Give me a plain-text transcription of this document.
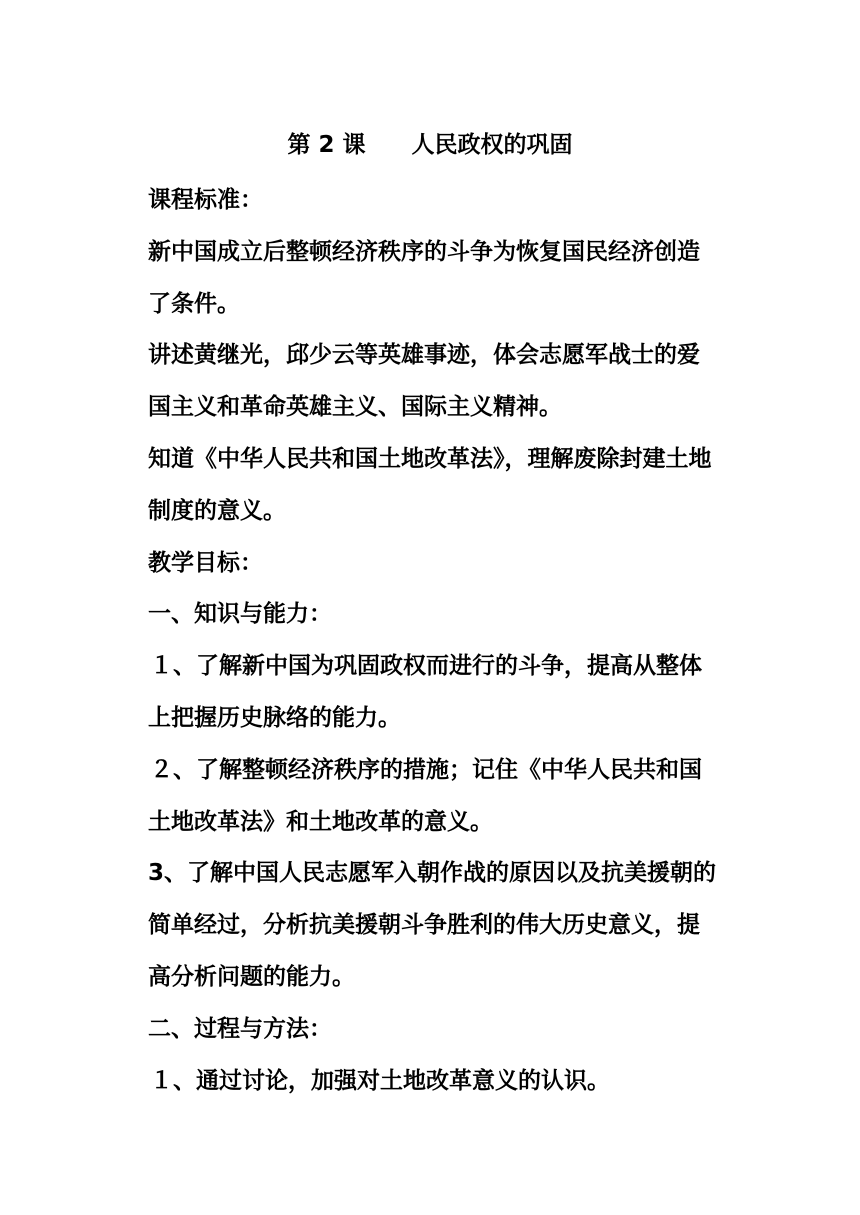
第 2 课　　人民政权的巩固
课程标准：
新中国成立后整顿经济秩序的斗争为恢复国民经济创造
了条件。
讲述黄继光，邱少云等英雄事迹，体会志愿军战士的爱
国主义和革命英雄主义、国际主义精神。
知道《中华人民共和国土地改革法》，理解废除封建土地
制度的意义。
教学目标：
一、知识与能力：
１、了解新中国为巩固政权而进行的斗争，提高从整体
上把握历史脉络的能力。
２、了解整顿经济秩序的措施；记住《中华人民共和国
土地改革法》和土地改革的意义。
3、了解中国人民志愿军入朝作战的原因以及抗美援朝的
简单经过，分析抗美援朝斗争胜利的伟大历史意义，提
高分析问题的能力。
二、过程与方法：
１、通过讨论，加强对土地改革意义的认识。
